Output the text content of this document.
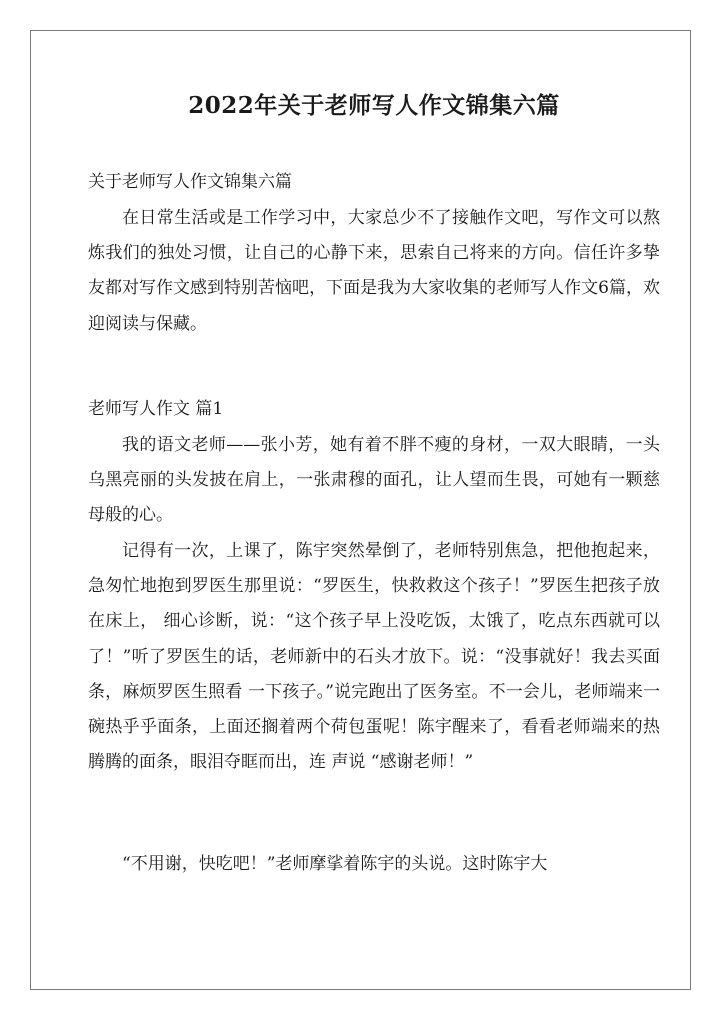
2022年关于老师写人作文锦集六篇

关于老师写人作文锦集六篇

在日常生活或是工作学习中，大家总少不了接触作文吧，写作文可以熬炼我们的独处习惯，让自己的心静下来，思索自己将来的方向。信任许多挚友都对写作文感到特别苦恼吧，下面是我为大家收集的老师写人作文6篇，欢迎阅读与保藏。

老师写人作文 篇1

我的语文老师——张小芳，她有着不胖不瘦的身材，一双大眼睛，一头乌黑亮丽的头发披在肩上，一张肃穆的面孔，让人望而生畏，可她有一颗慈母般的心。

记得有一次，上课了，陈宇突然晕倒了，老师特别焦急，把他抱起来，急匆忙地抱到罗医生那里说：“罗医生，快救救这个孩子！”罗医生把孩子放在床上， 细心诊断，说：“这个孩子早上没吃饭，太饿了，吃点东西就可以了！”听了罗医生的话，老师新中的石头才放下。说：“没事就好！我去买面条，麻烦罗医生照看 一下孩子。”说完跑出了医务室。不一会儿，老师端来一碗热乎乎面条，上面还搁着两个荷包蛋呢！陈宇醒来了，看看老师端来的热腾腾的面条，眼泪夺眶而出，连 声说 “感谢老师！”

“不用谢，快吃吧！”老师摩挲着陈宇的头说。这时陈宇大
